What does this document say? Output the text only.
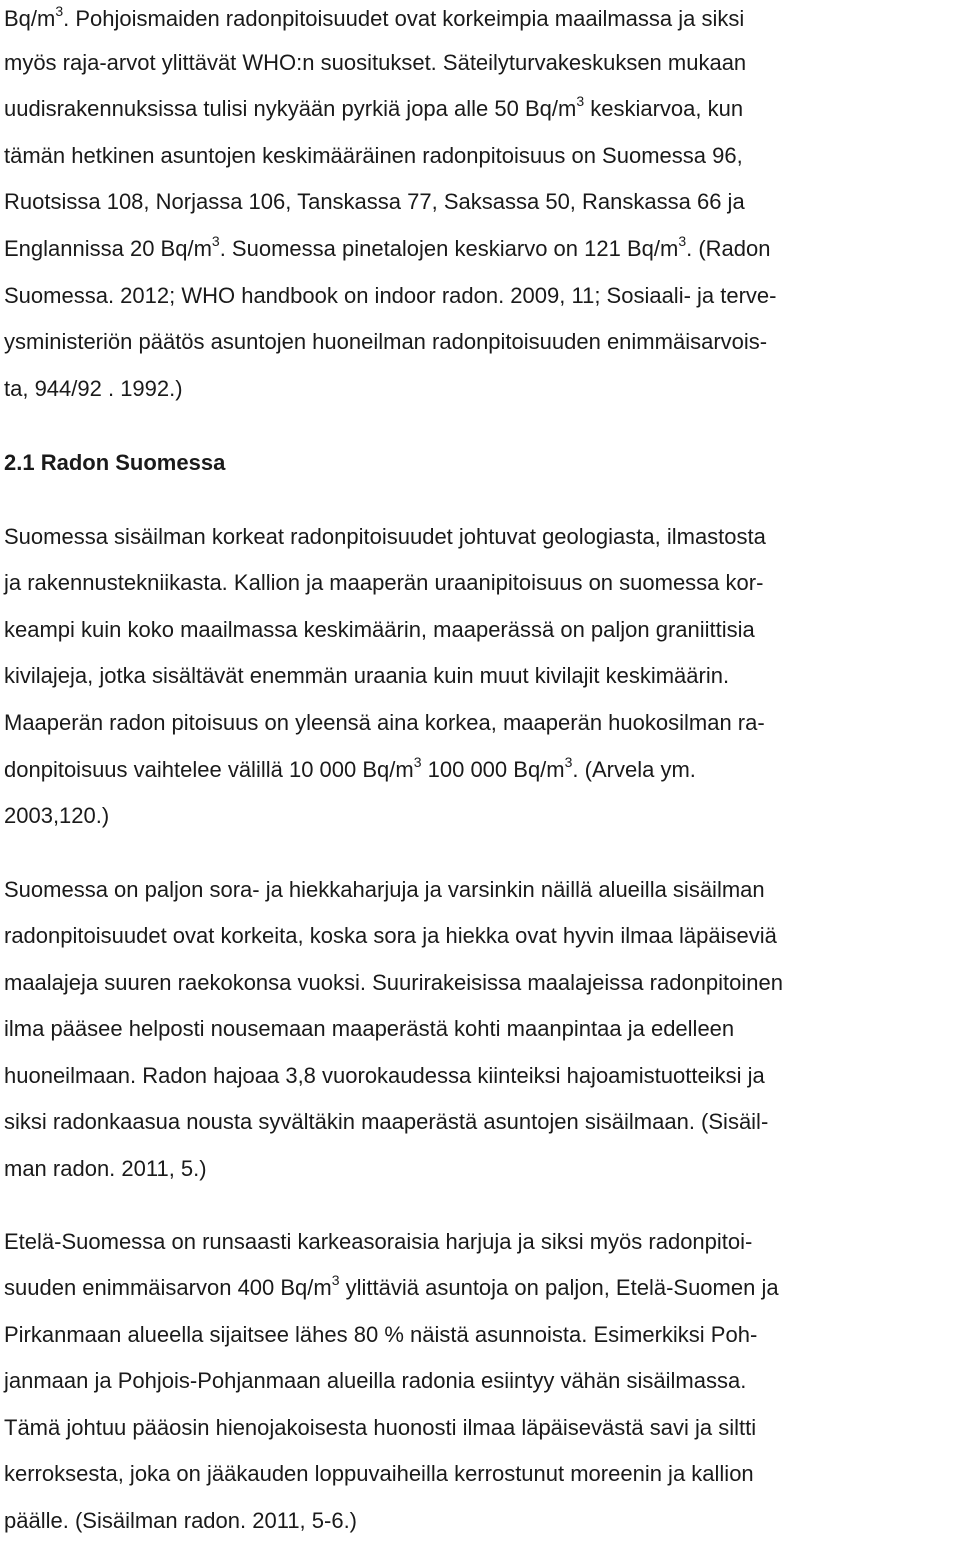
$Bq/m^3$. Pohjoismaiden radonpitoisuudet ovat korkeimpia maailmassa ja siksi
myös raja-arvot ylittävät WHO:n suositukset. Säteilyturvakeskuksen mukaan
uudisrakennuksissa tulisi nykyään pyrkiä jopa alle 50 $Bq/m^3$ keskiarvoa, kun
tämän hetkinen asuntojen keskimääräinen radonpitoisuus on Suomessa 96,
Ruotsissa 108, Norjassa 106, Tanskassa 77, Saksassa 50, Ranskassa 66 ja
Englannissa 20 $Bq/m^3$. Suomessa pinetalojen keskiarvo on 121 $Bq/m^3$. (Radon
Suomessa. 2012; WHO handbook on indoor radon. 2009, 11; Sosiaali- ja terve-
ysministeriön päätös asuntojen huoneilman radonpitoisuuden enimmäisarvois-
ta, 944/92 . 1992.)
2.1 Radon Suomessa
Suomessa sisäilman korkeat radonpitoisuudet johtuvat geologiasta, ilmastosta
ja rakennustekniikasta. Kallion ja maaperän uraanipitoisuus on suomessa kor-
keampi kuin koko maailmassa keskimäärin, maaperässä on paljon graniittisia
kivilajeja, jotka sisältävät enemmän uraania kuin muut kivilajit keskimäärin.
Maaperän radon pitoisuus on yleensä aina korkea, maaperän huokosilman ra-
donpitoisuus vaihtelee välillä 10 000 $Bq/m^3$ 100 000 $Bq/m^3$. (Arvela ym.
2003,120.)
Suomessa on paljon sora- ja hiekkaharjuja ja varsinkin näillä alueilla sisäilman
radonpitoisuudet ovat korkeita, koska sora ja hiekka ovat hyvin ilmaa läpäiseviä
maalajeja suuren raekokonsa vuoksi. Suurirakeisissa maalajeissa radonpitoinen
ilma pääsee helposti nousemaan maaperästä kohti maanpintaa ja edelleen
huoneilmaan. Radon hajoaa 3,8 vuorokaudessa kiinteiksi hajoamistuotteiksi ja
siksi radonkaasua nousta syvältäkin maaperästä asuntojen sisäilmaan. (Sisäil-
man radon. 2011, 5.)
Etelä-Suomessa on runsaasti karkeasoraisia harjuja ja siksi myös radonpitoi-
suuden enimmäisarvon 400 $Bq/m^3$ ylittäviä asuntoja on paljon, Etelä-Suomen ja
Pirkanmaan alueella sijaitsee lähes 80 % näistä asunnoista. Esimerkiksi Poh-
janmaan ja Pohjois-Pohjanmaan alueilla radonia esiintyy vähän sisäilmassa.
Tämä johtuu pääosin hienojakoisesta huonosti ilmaa läpäisevästä savi ja siltti
kerroksesta, joka on jääkauden loppuvaiheilla kerrostunut moreenin ja kallion
päälle. (Sisäilman radon. 2011, 5-6.)
